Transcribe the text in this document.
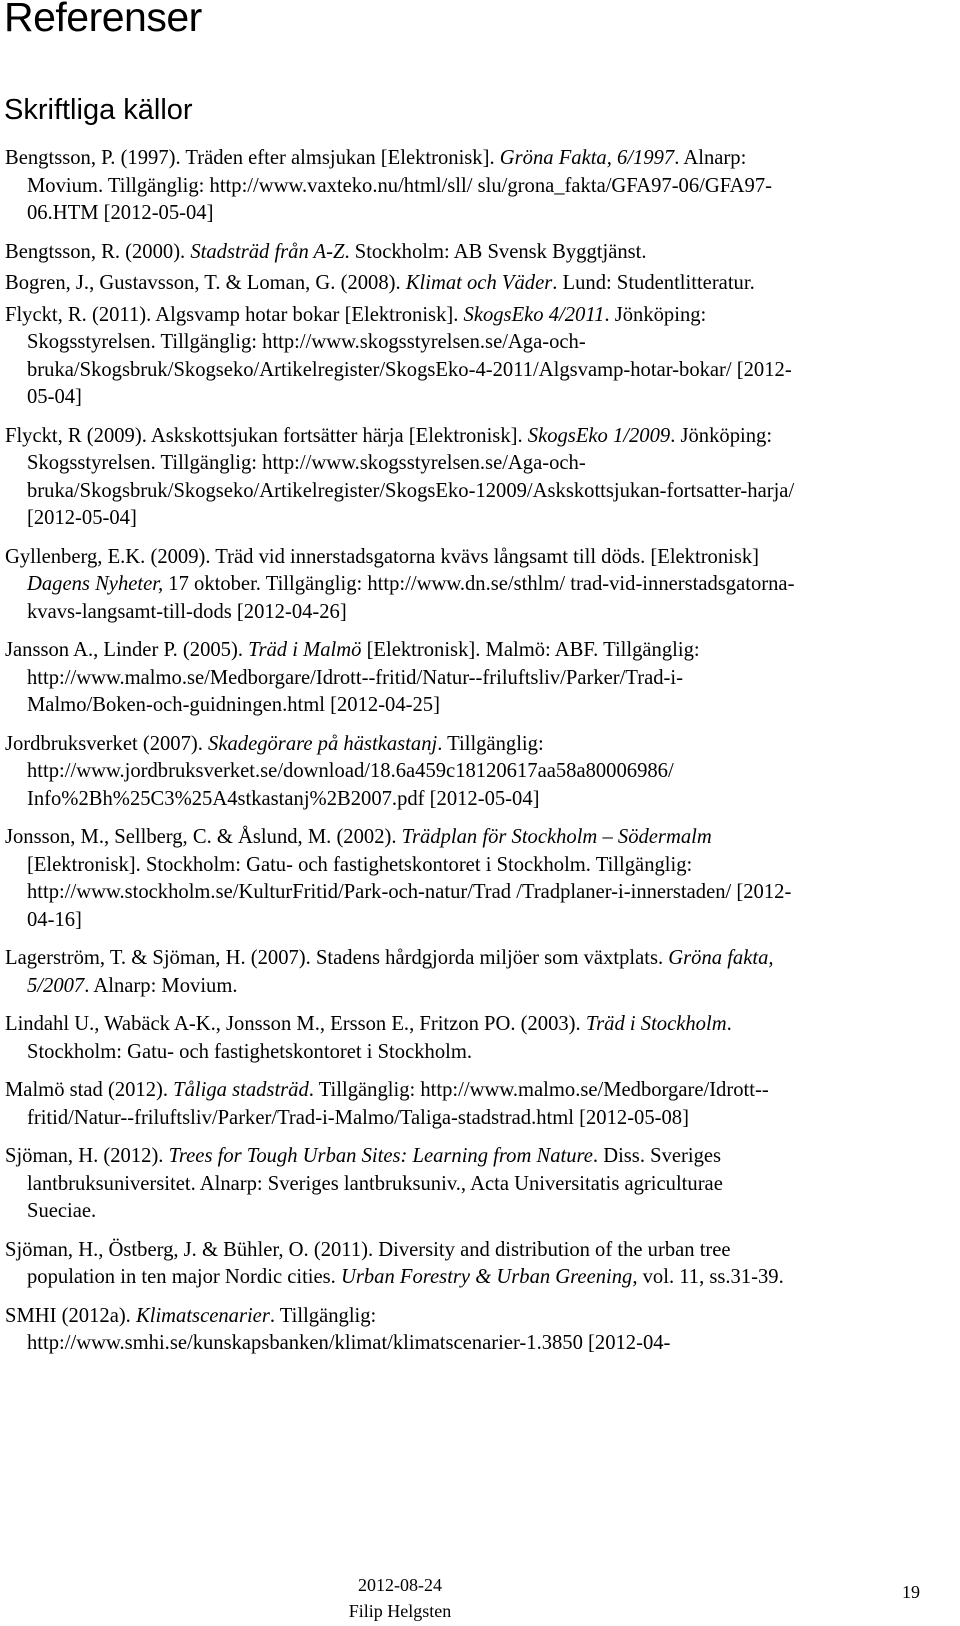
Referenser
Skriftliga källor

Bengtsson, P. (1997). Träden efter almsjukan [Elektronisk]. Gröna Fakta, 6/1997. Alnarp: Movium. Tillgänglig: http://www.vaxteko.nu/html/sll/ slu/grona_fakta/GFA97-06/GFA97-06.HTM [2012-05-04]

Bengtsson, R. (2000). Stadsträd från A-Z. Stockholm: AB Svensk Byggtjänst.

Bogren, J., Gustavsson, T. & Loman, G. (2008). Klimat och Väder. Lund: Studentlitteratur.

Flyckt, R. (2011). Algsvamp hotar bokar [Elektronisk]. SkogsEko 4/2011. Jönköping: Skogsstyrelsen. Tillgänglig: http://www.skogsstyrelsen.se/Aga-och-bruka/Skogsbruk/Skogseko/Artikelregister/SkogsEko-4-2011/Algsvamp-hotar-bokar/ [2012-05-04]

Flyckt, R (2009). Askskottsjukan fortsätter härja [Elektronisk]. SkogsEko 1/2009. Jönköping: Skogsstyrelsen. Tillgänglig: http://www.skogsstyrelsen.se/Aga-och-bruka/Skogsbruk/Skogseko/Artikelregister/SkogsEko-12009/Askskottsjukan-fortsatter-harja/ [2012-05-04]

Gyllenberg, E.K. (2009). Träd vid innerstadsgatorna kvävs långsamt till döds. [Elektronisk] Dagens Nyheter, 17 oktober. Tillgänglig: http://www.dn.se/sthlm/ trad-vid-innerstadsgatorna-kvavs-langsamt-till-dods [2012-04-26]

Jansson A., Linder P. (2005). Träd i Malmö [Elektronisk]. Malmö: ABF. Tillgänglig: http://www.malmo.se/Medborgare/Idrott--fritid/Natur--friluftsliv/Parker/Trad-i-Malmo/Boken-och-guidningen.html [2012-04-25]

Jordbruksverket (2007). Skadegörare på hästkastanj. Tillgänglig: http://www.jordbruksverket.se/download/18.6a459c18120617aa58a80006986/ Info%2Bh%25C3%25A4stkastanj%2B2007.pdf [2012-05-04]

Jonsson, M., Sellberg, C. & Åslund, M. (2002). Trädplan för Stockholm – Södermalm [Elektronisk]. Stockholm: Gatu- och fastighetskontoret i Stockholm. Tillgänglig: http://www.stockholm.se/KulturFritid/Park-och-natur/Trad /Tradplaner-i-innerstaden/ [2012-04-16]

Lagerström, T. & Sjöman, H. (2007). Stadens hårdgjorda miljöer som växtplats. Gröna fakta, 5/2007. Alnarp: Movium.

Lindahl U., Wabäck A-K., Jonsson M., Ersson E., Fritzon PO. (2003). Träd i Stockholm. Stockholm: Gatu- och fastighetskontoret i Stockholm.

Malmö stad (2012). Tåliga stadsträd. Tillgänglig: http://www.malmo.se/Medborgare/Idrott--fritid/Natur--friluftsliv/Parker/Trad-i-Malmo/Taliga-stadstrad.html [2012-05-08]

Sjöman, H. (2012). Trees for Tough Urban Sites: Learning from Nature. Diss. Sveriges lantbruksuniversitet. Alnarp: Sveriges lantbruksuniv., Acta Universitatis agriculturae Sueciae.

Sjöman, H., Östberg, J. & Bühler, O. (2011). Diversity and distribution of the urban tree population in ten major Nordic cities. Urban Forestry & Urban Greening, vol. 11, ss.31-39.

SMHI (2012a). Klimatscenarier. Tillgänglig: http://www.smhi.se/kunskapsbanken/klimat/klimatscenarier-1.3850 [2012-04-

2012-08-24
Filip Helgsten
19
